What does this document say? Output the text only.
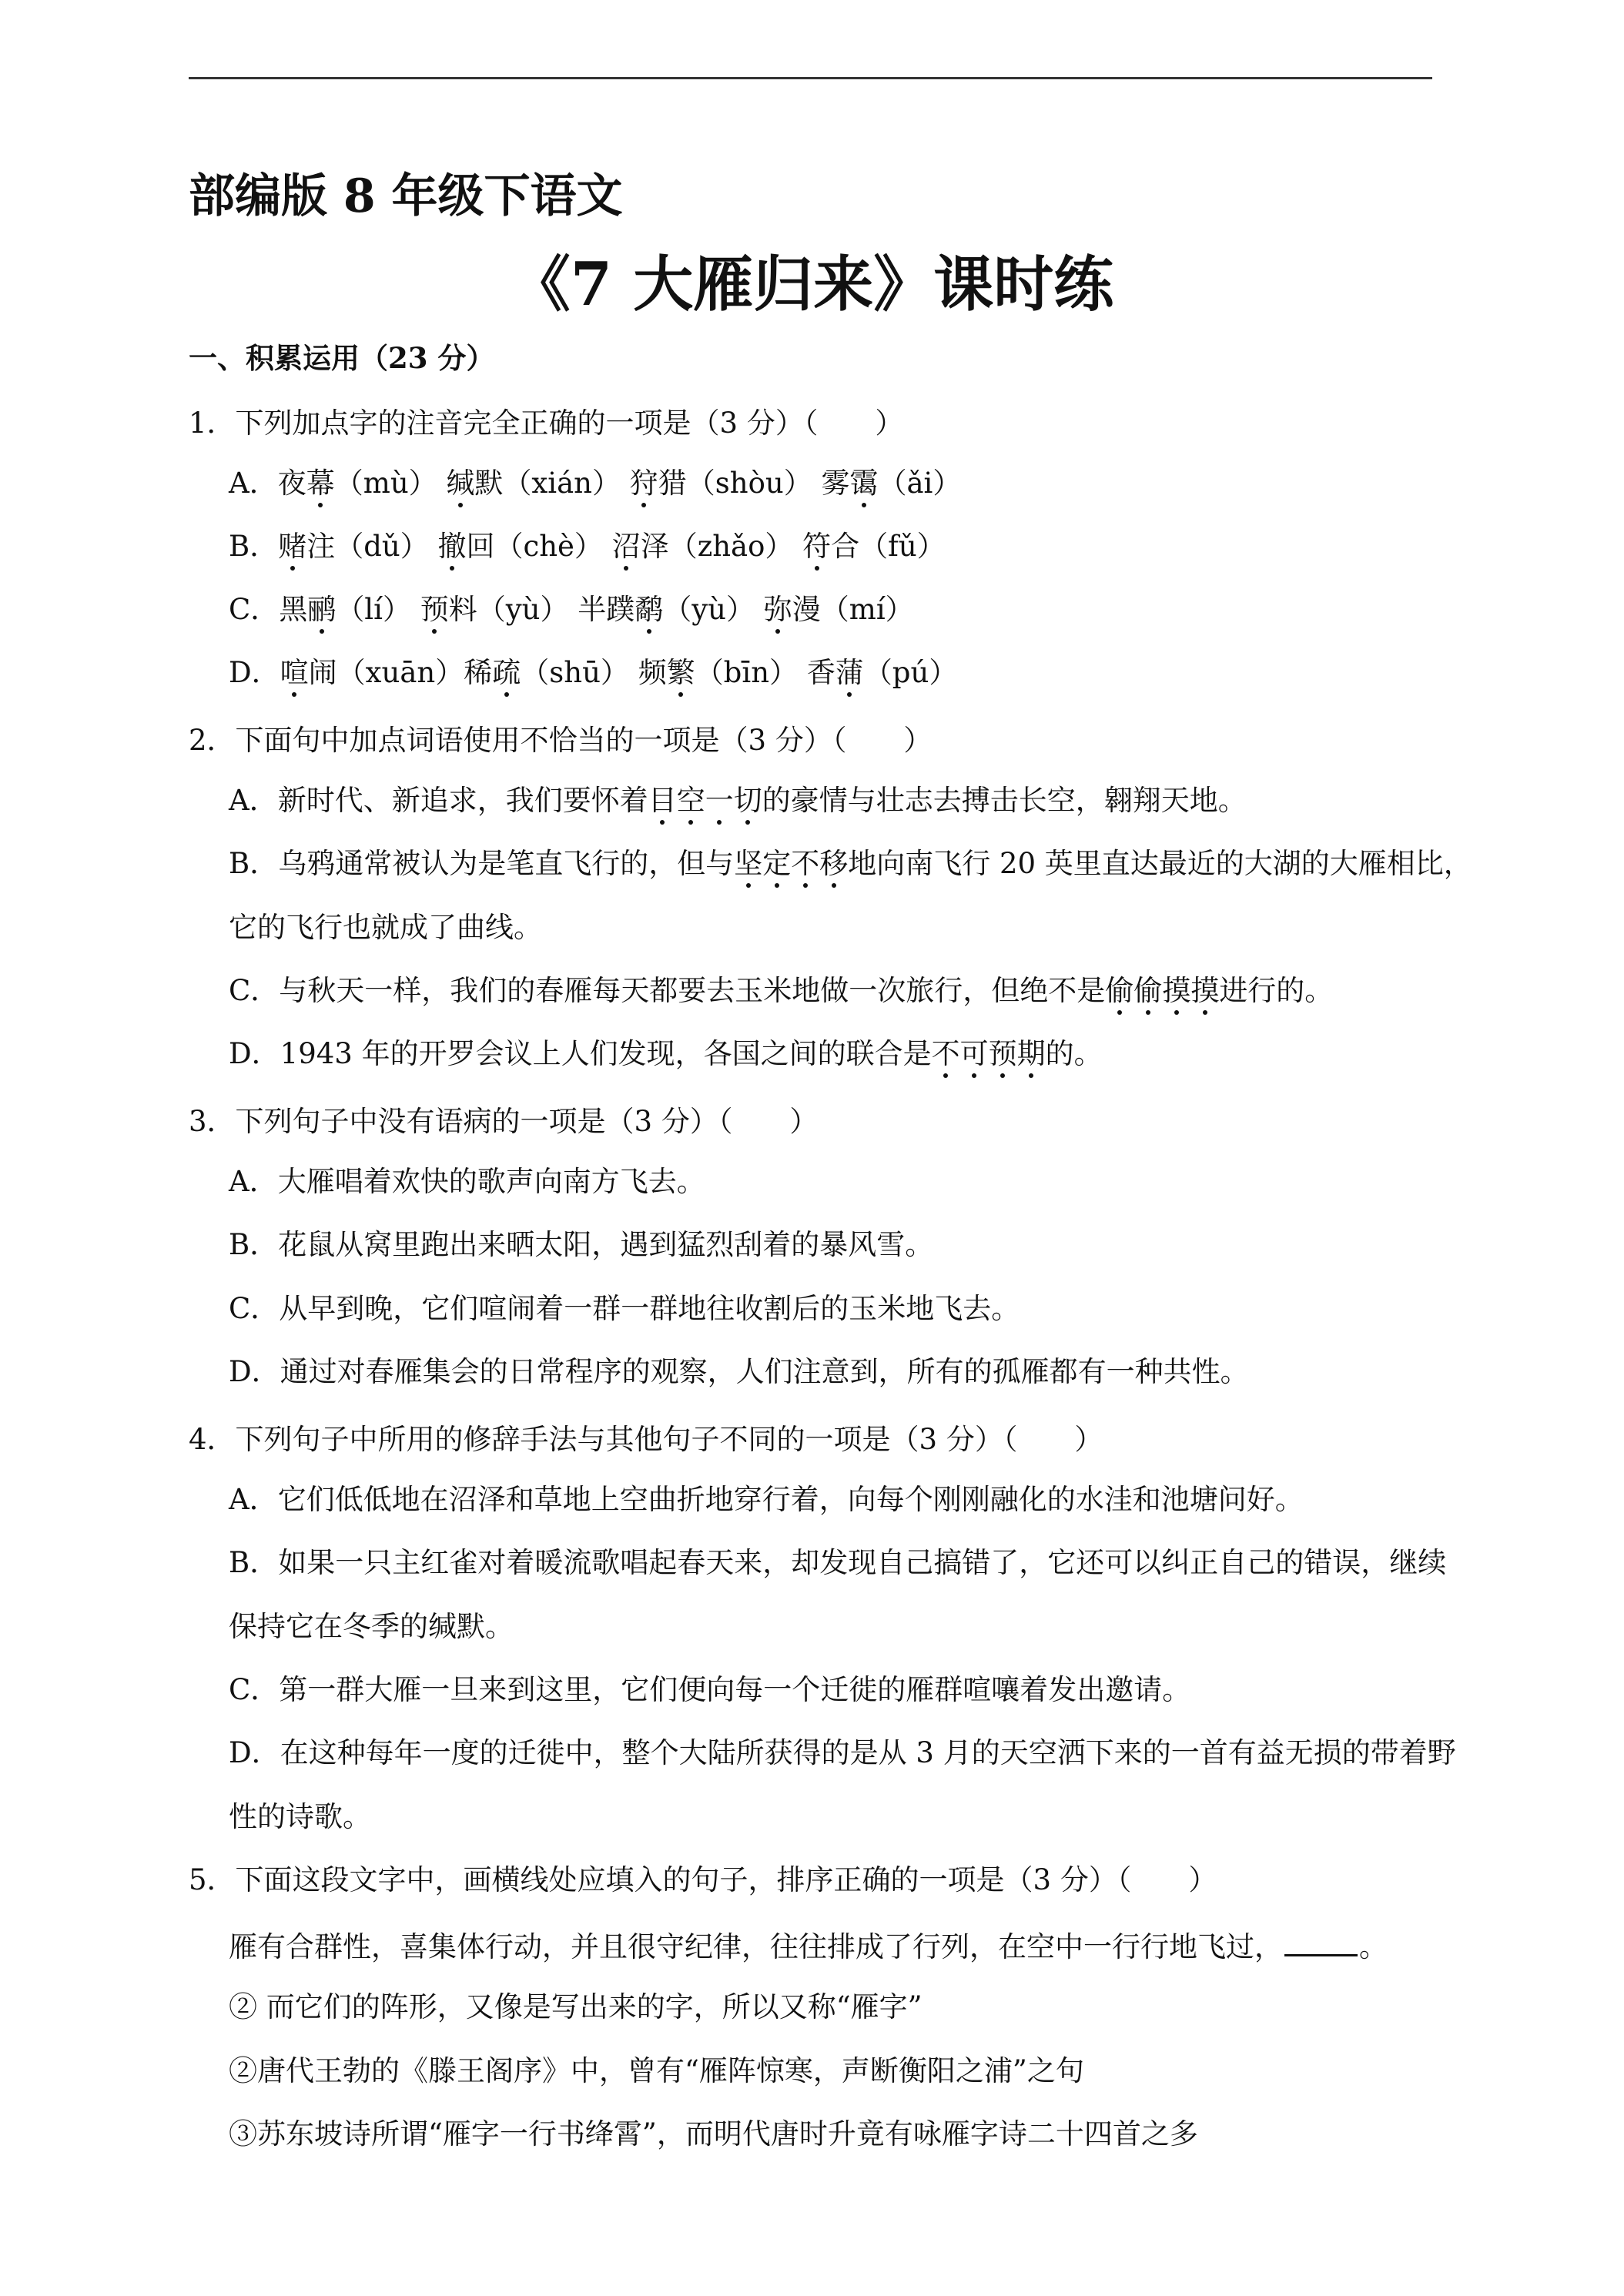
部编版 8 年级下语文
《7 大雁归来》课时练
一、积累运用（23 分）
1．下列加点字的注音完全正确的一项是（3 分）（　　）
A．夜幕（mù） 缄默（xián） 狩猎（shòu） 雾霭（ǎi）
B．赌注（dǔ） 撤回（chè） 沼泽（zhǎo） 符合（fǔ）
C．黑鹂（lí） 预料（yù） 半蹼鹬（yù） 弥漫（mí）
D．喧闹（xuān）稀疏（shū） 频繁（bīn） 香蒲（pú）
2．下面句中加点词语使用不恰当的一项是（3 分）（　　）
A．新时代、新追求，我们要怀着目空一切的豪情与壮志去搏击长空，翱翔天地。
B．乌鸦通常被认为是笔直飞行的，但与坚定不移地向南飞行 20 英里直达最近的大湖的大雁相比，
它的飞行也就成了曲线。
C．与秋天一样，我们的春雁每天都要去玉米地做一次旅行，但绝不是偷偷摸摸进行的。
D．1943 年的开罗会议上人们发现，各国之间的联合是不可预期的。
3．下列句子中没有语病的一项是（3 分）（　　）
A．大雁唱着欢快的歌声向南方飞去。
B．花鼠从窝里跑出来晒太阳，遇到猛烈刮着的暴风雪。
C．从早到晚，它们喧闹着一群一群地往收割后的玉米地飞去。
D．通过对春雁集会的日常程序的观察，人们注意到，所有的孤雁都有一种共性。
4．下列句子中所用的修辞手法与其他句子不同的一项是（3 分）（　　）
A．它们低低地在沼泽和草地上空曲折地穿行着，向每个刚刚融化的水洼和池塘问好。
B．如果一只主红雀对着暖流歌唱起春天来，却发现自己搞错了，它还可以纠正自己的错误，继续
保持它在冬季的缄默。
C．第一群大雁一旦来到这里，它们便向每一个迁徙的雁群喧嚷着发出邀请。
D．在这种每年一度的迁徙中，整个大陆所获得的是从 3 月的天空洒下来的一首有益无损的带着野
性的诗歌。
5．下面这段文字中，画横线处应填入的句子，排序正确的一项是（3 分）（　　）
雁有合群性，喜集体行动，并且很守纪律，往往排成了行列，在空中一行行地飞过，	。
② 而它们的阵形，又像是写出来的字，所以又称“雁字”
②唐代王勃的《滕王阁序》中，曾有“雁阵惊寒，声断衡阳之浦”之句
③苏东坡诗所谓“雁字一行书绛霄”，而明代唐时升竟有咏雁字诗二十四首之多
